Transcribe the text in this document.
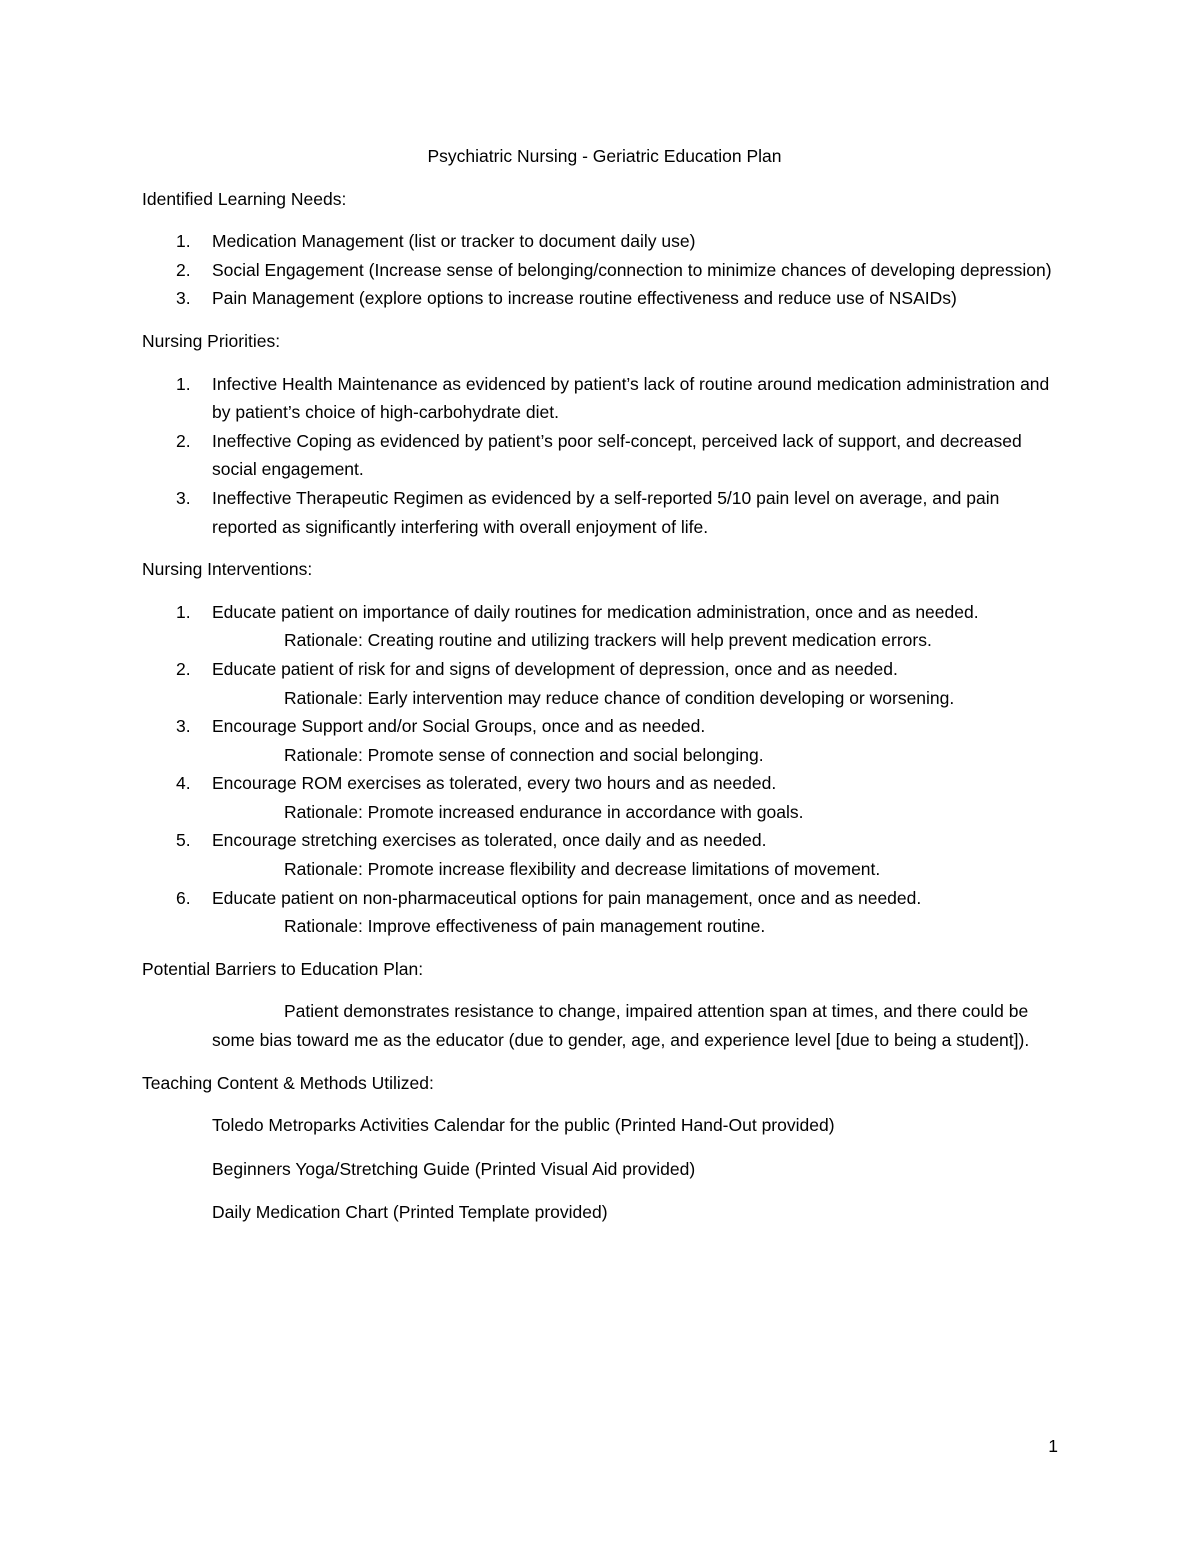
Psychiatric Nursing - Geriatric Education Plan

Identified Learning Needs:

1. Medication Management (list or tracker to document daily use)
2. Social Engagement (Increase sense of belonging/connection to minimize chances of developing depression)
3. Pain Management (explore options to increase routine effectiveness and reduce use of NSAIDs)

Nursing Priorities:

1. Infective Health Maintenance as evidenced by patient’s lack of routine around medication administration and by patient’s choice of high-carbohydrate diet.
2. Ineffective Coping as evidenced by patient’s poor self-concept, perceived lack of support, and decreased social engagement.
3. Ineffective Therapeutic Regimen as evidenced by a self-reported 5/10 pain level on average, and pain reported as significantly interfering with overall enjoyment of life.

Nursing Interventions:

1. Educate patient on importance of daily routines for medication administration, once and as needed.
Rationale: Creating routine and utilizing trackers will help prevent medication errors.
2. Educate patient of risk for and signs of development of depression, once and as needed.
Rationale: Early intervention may reduce chance of condition developing or worsening.
3. Encourage Support and/or Social Groups, once and as needed.
Rationale: Promote sense of connection and social belonging.
4. Encourage ROM exercises as tolerated, every two hours and as needed.
Rationale: Promote increased endurance in accordance with goals.
5. Encourage stretching exercises as tolerated, once daily and as needed.
Rationale: Promote increase flexibility and decrease limitations of movement.
6. Educate patient on non-pharmaceutical options for pain management, once and as needed.
Rationale: Improve effectiveness of pain management routine.

Potential Barriers to Education Plan:

Patient demonstrates resistance to change, impaired attention span at times, and there could be some bias toward me as the educator (due to gender, age, and experience level [due to being a student]).

Teaching Content & Methods Utilized:

Toledo Metroparks Activities Calendar for the public (Printed Hand-Out provided)

Beginners Yoga/Stretching Guide (Printed Visual Aid provided)

Daily Medication Chart (Printed Template provided)

1
